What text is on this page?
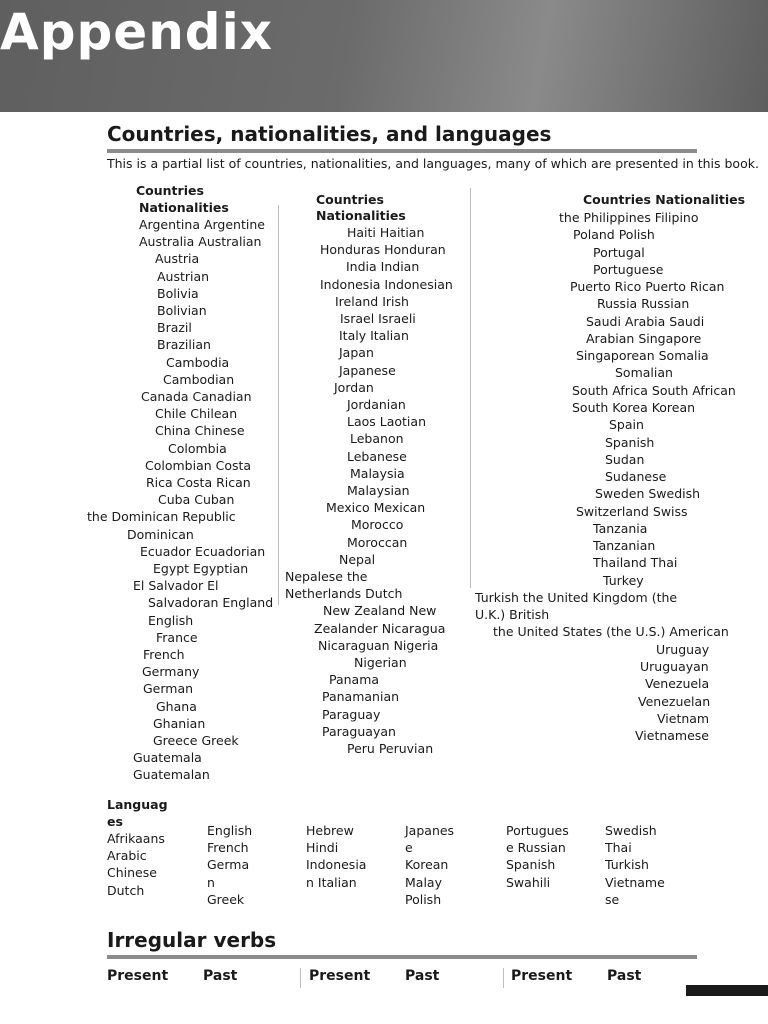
Appendix
Countries, nationalities, and languages
This is a partial list of countries, nationalities, and languages, many of which are presented in this book.
Countries
Nationalities
Argentina Argentine
Australia Australian
Austria
Austrian
Bolivia
Bolivian
Brazil
Brazilian
Cambodia
Cambodian
Canada Canadian
Chile Chilean
China Chinese
Colombia
Colombian Costa
Rica Costa Rican
Cuba Cuban
the Dominican Republic
Dominican
Ecuador Ecuadorian
Egypt Egyptian
El Salvador El
Salvadoran England
English
France
French
Germany
German
Ghana
Ghanian
Greece Greek
Guatemala
Guatemalan
Countries
Nationalities
Haiti Haitian
Honduras Honduran
India Indian
Indonesia Indonesian
Ireland Irish
Israel Israeli
Italy Italian
Japan
Japanese
Jordan
Jordanian
Laos Laotian
Lebanon
Lebanese
Malaysia
Malaysian
Mexico Mexican
Morocco
Moroccan
Nepal
Nepalese the
Netherlands Dutch
New Zealand New
Zealander Nicaragua
Nicaraguan Nigeria
Nigerian
Panama
Panamanian
Paraguay
Paraguayan
Peru Peruvian
Countries Nationalities
the Philippines Filipino
Poland Polish
Portugal
Portuguese
Puerto Rico Puerto Rican
Russia Russian
Saudi Arabia Saudi
Arabian Singapore
Singaporean Somalia
Somalian
South Africa South African
South Korea Korean
Spain
Spanish
Sudan
Sudanese
Sweden Swedish
Switzerland Swiss
Tanzania
Tanzanian
Thailand Thai
Turkey
Turkish the United Kingdom (the
U.K.) British
the United States (the U.S.) American
Uruguay
Uruguayan
Venezuela
Venezuelan
Vietnam
Vietnamese
Languag
es
Afrikaans
Arabic
Chinese
Dutch
English
French
Germa
n
Greek
Hebrew
Hindi
Indonesia
n Italian
Japanes
e
Korean
Malay
Polish
Portugues
e Russian
Spanish
Swahili
Swedish
Thai
Turkish
Vietname
se
Irregular verbs
Present Past	Present Past	Present Past
